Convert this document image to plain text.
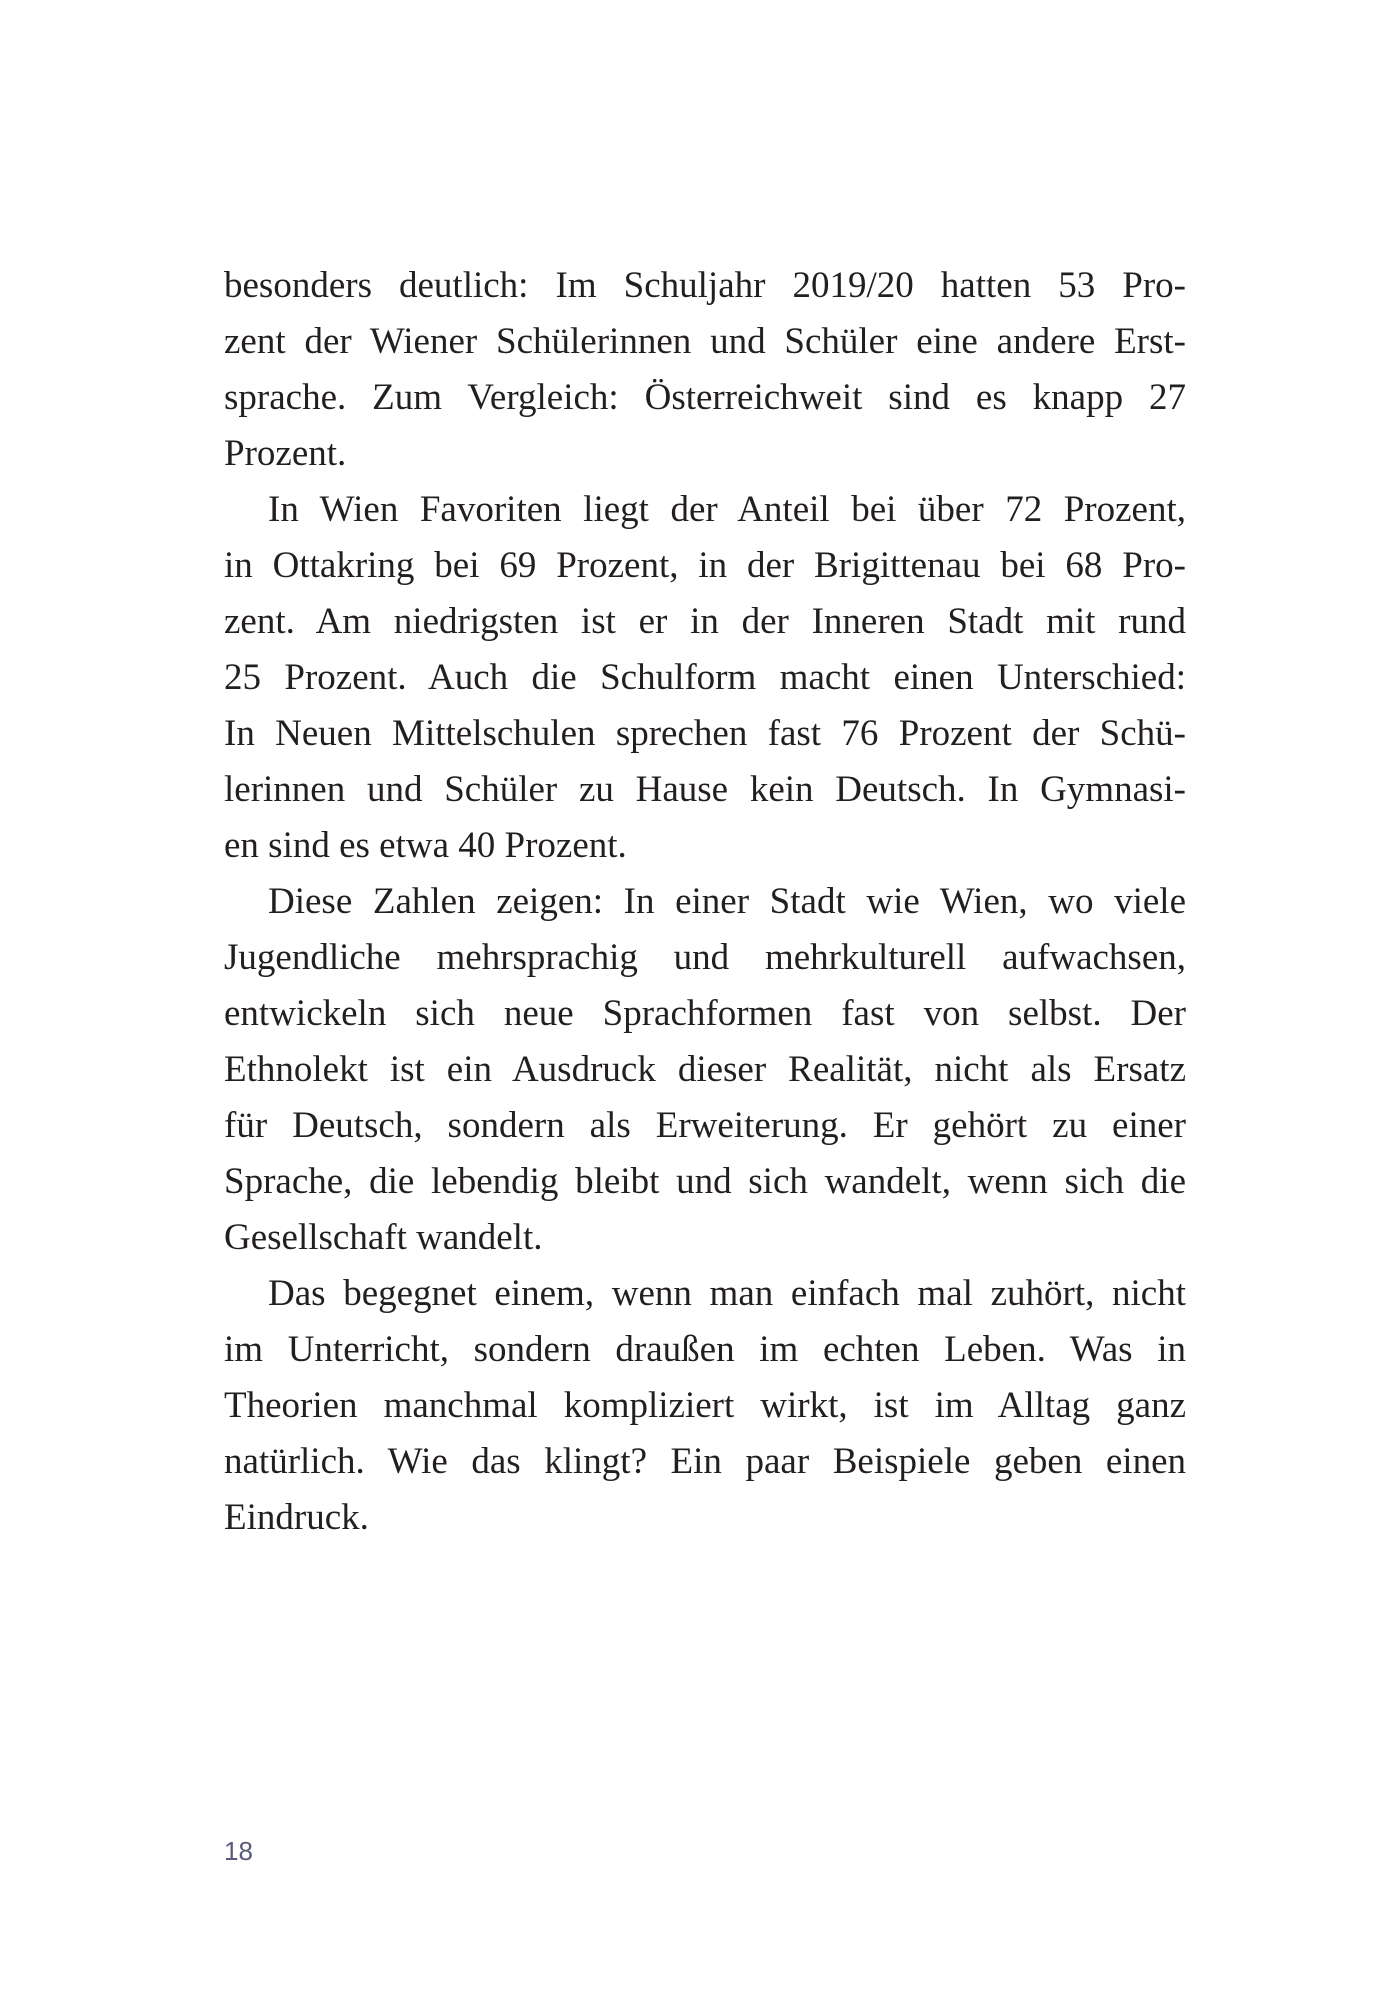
besonders deutlich: Im Schuljahr 2019/20 hatten 53 Pro-
zent der Wiener Schülerinnen und Schüler eine andere Erst-
sprache. Zum Vergleich: Österreichweit sind es knapp 27
Prozent.
In Wien Favoriten liegt der Anteil bei über 72 Prozent,
in Ottakring bei 69 Prozent, in der Brigittenau bei 68 Pro-
zent. Am niedrigsten ist er in der Inneren Stadt mit rund
25 Prozent. Auch die Schulform macht einen Unterschied:
In Neuen Mittelschulen sprechen fast 76 Prozent der Schü-
lerinnen und Schüler zu Hause kein Deutsch. In Gymnasi-
en sind es etwa 40 Prozent.
Diese Zahlen zeigen: In einer Stadt wie Wien, wo viele
Jugendliche mehrsprachig und mehrkulturell aufwachsen,
entwickeln sich neue Sprachformen fast von selbst. Der
Ethnolekt ist ein Ausdruck dieser Realität, nicht als Ersatz
für Deutsch, sondern als Erweiterung. Er gehört zu einer
Sprache, die lebendig bleibt und sich wandelt, wenn sich die
Gesellschaft wandelt.
Das begegnet einem, wenn man einfach mal zuhört, nicht
im Unterricht, sondern draußen im echten Leben. Was in
Theorien manchmal kompliziert wirkt, ist im Alltag ganz
natürlich. Wie das klingt? Ein paar Beispiele geben einen
Eindruck.
18
